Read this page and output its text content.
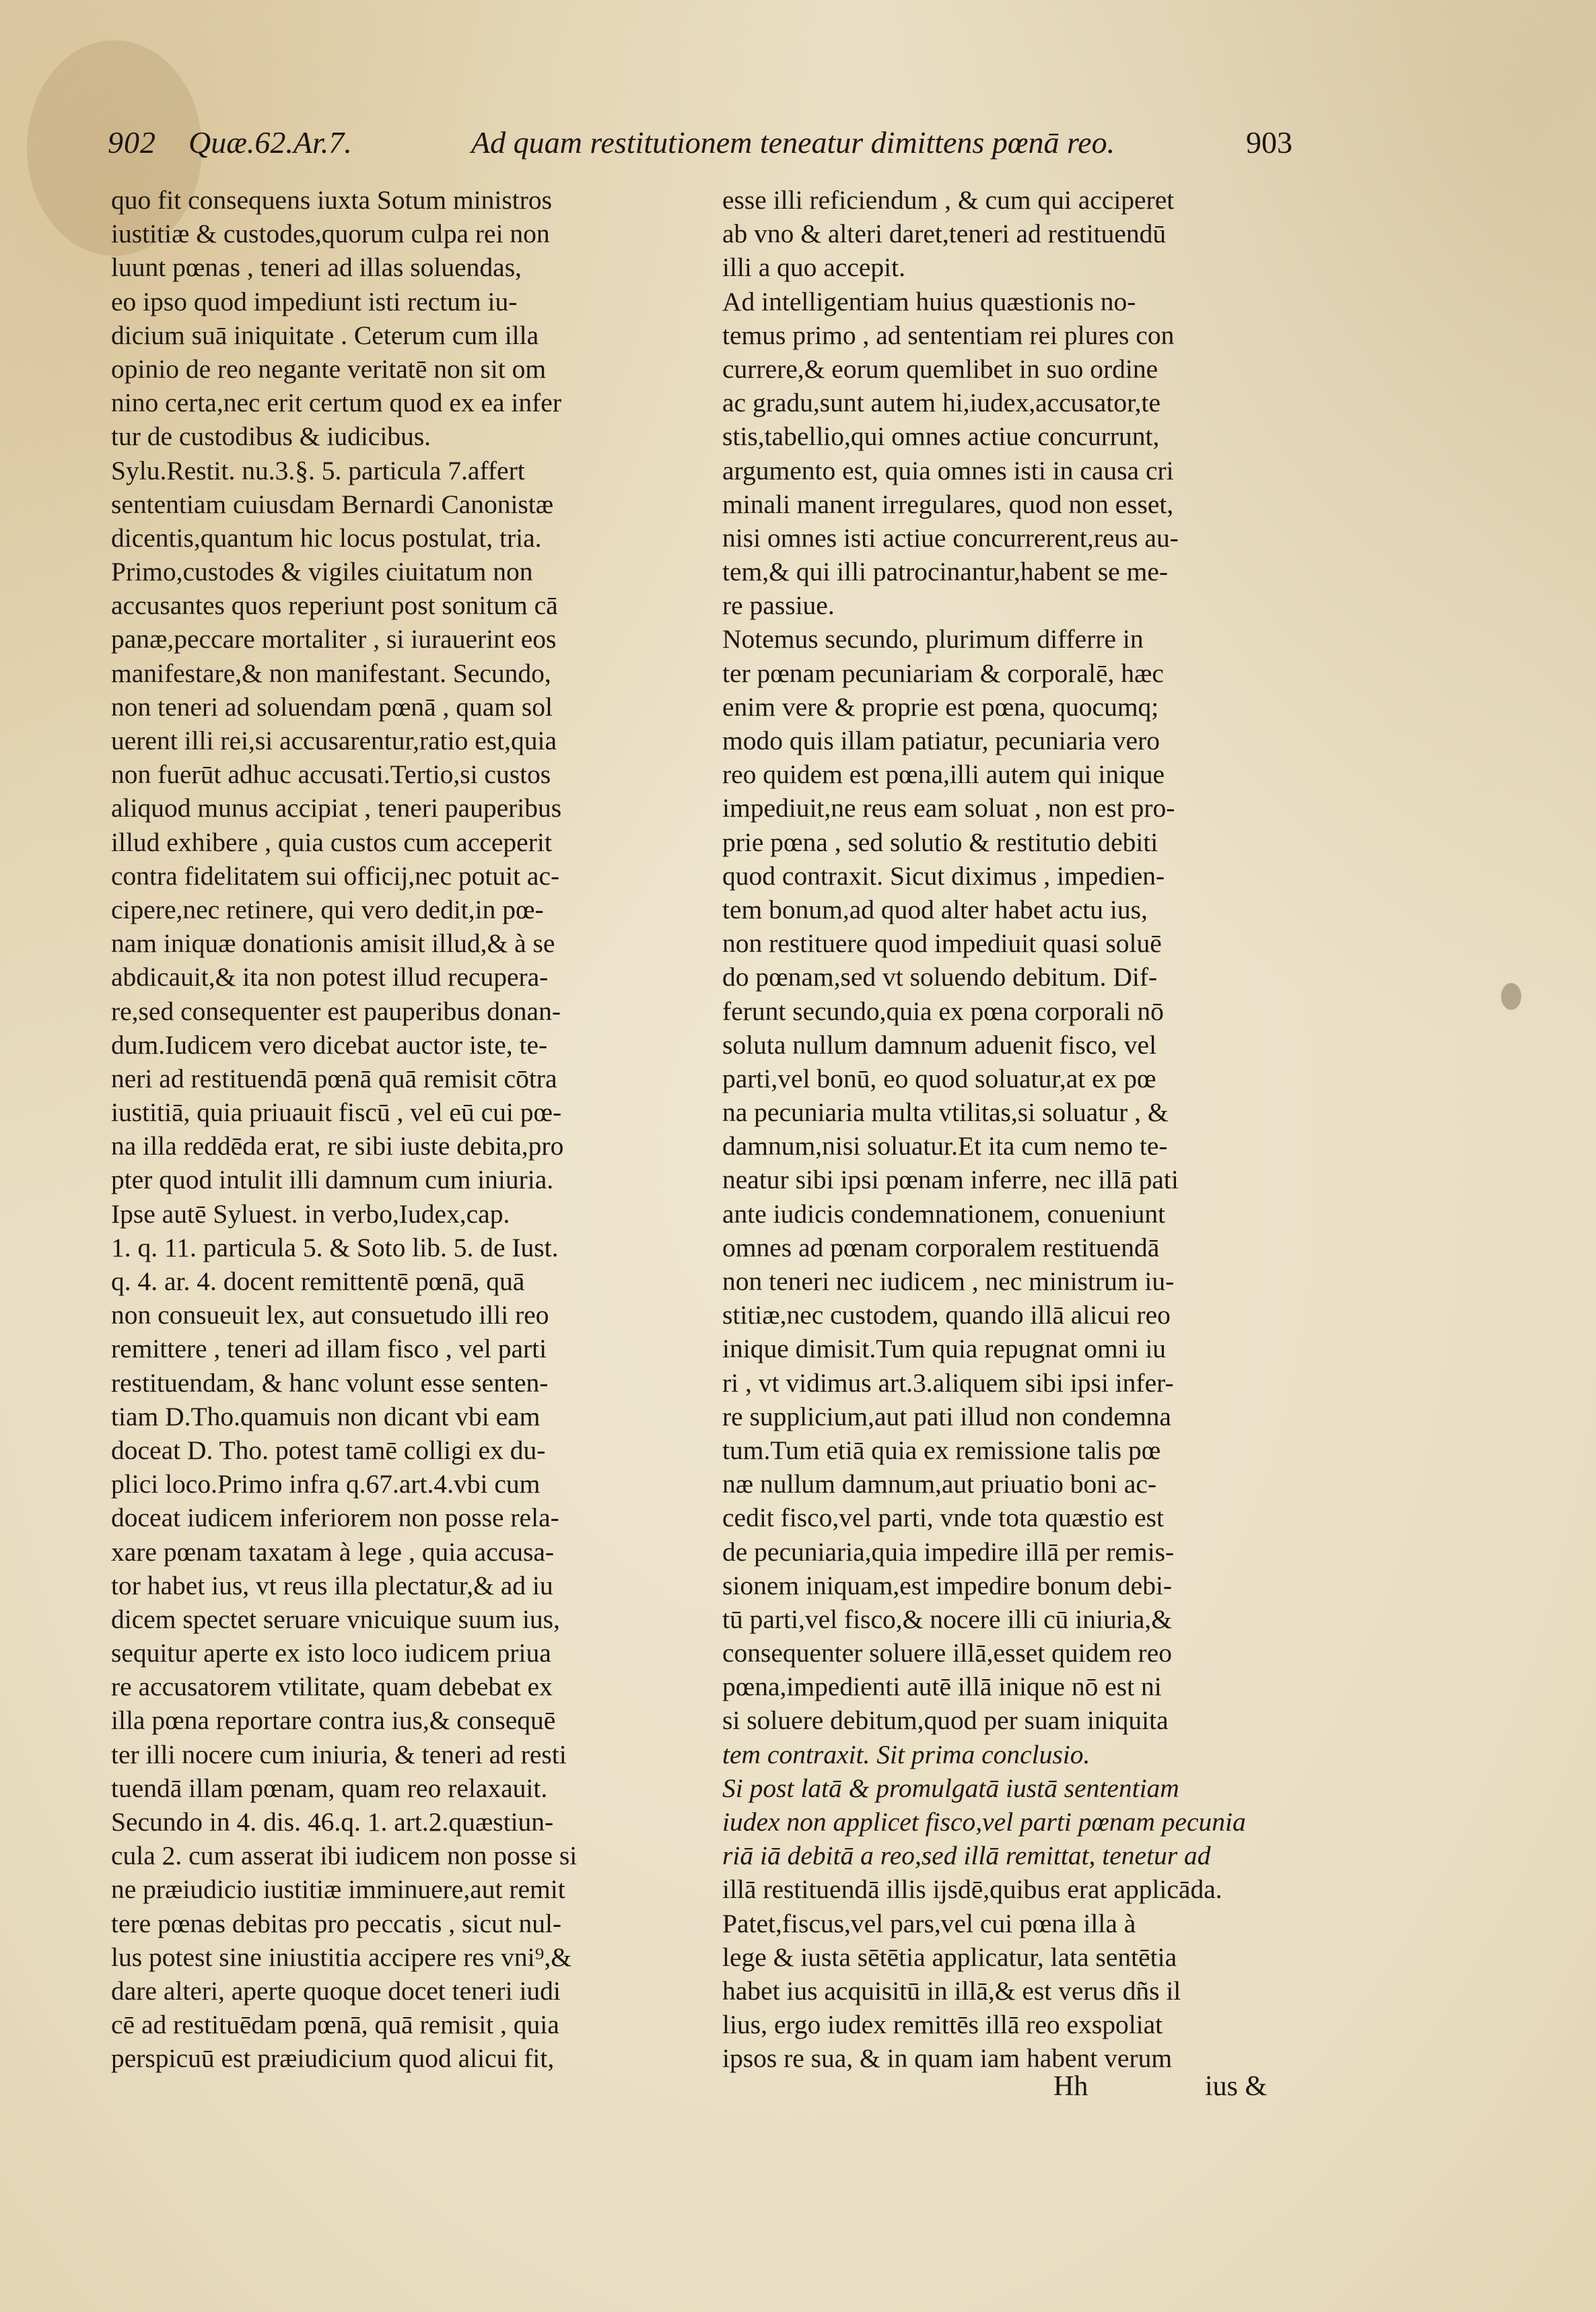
902 Quæ.62.Ar.7.	Ad quam restitutionem teneatur dimittens pœnā reo.	903
quo fit consequens iuxta Sotum ministros
iustitiæ & custodes,quorum culpa rei non
luunt pœnas , teneri ad illas soluendas,
eo ipso quod impediunt isti rectum iu-
dicium suā iniquitate . Ceterum cum illa
opinio de reo negante veritatē non sit om
nino certa,nec erit certum quod ex ea infer
tur de custodibus & iudicibus.
Sylu.Restit. nu.3.§. 5. particula 7.affert
sententiam cuiusdam Bernardi Canonistæ
dicentis,quantum hic locus postulat, tria.
Primo,custodes & vigiles ciuitatum non
accusantes quos reperiunt post sonitum cā
panæ,peccare mortaliter , si iurauerint eos
manifestare,& non manifestant. Secundo,
non teneri ad soluendam pœnā , quam sol
uerent illi rei,si accusarentur,ratio est,quia
non fuerūt adhuc accusati.Tertio,si custos
aliquod munus accipiat , teneri pauperibus
illud exhibere , quia custos cum acceperit
contra fidelitatem sui officij,nec potuit ac-
cipere,nec retinere, qui vero dedit,in pœ-
nam iniquæ donationis amisit illud,& à se
abdicauit,& ita non potest illud recupera-
re,sed consequenter est pauperibus donan-
dum.Iudicem vero dicebat auctor iste, te-
neri ad restituendā pœnā quā remisit cōtra
iustitiā, quia priuauit fiscū , vel eū cui pœ-
na illa reddēda erat, re sibi iuste debita,pro
pter quod intulit illi damnum cum iniuria.
Ipse autē Syluest. in verbo,Iudex,cap.
1. q. 11. particula 5. & Soto lib. 5. de Iust.
q. 4. ar. 4. docent remittentē pœnā, quā
non consueuit lex, aut consuetudo illi reo
remittere , teneri ad illam fisco , vel parti
restituendam, & hanc volunt esse senten-
tiam D.Tho.quamuis non dicant vbi eam
doceat D. Tho. potest tamē colligi ex du-
plici loco.Primo infra q.67.art.4.vbi cum
doceat iudicem inferiorem non posse rela-
xare pœnam taxatam à lege , quia accusa-
tor habet ius, vt reus illa plectatur,& ad iu
dicem spectet seruare vnicuique suum ius,
sequitur aperte ex isto loco iudicem priua
re accusatorem vtilitate, quam debebat ex
illa pœna reportare contra ius,& consequē
ter illi nocere cum iniuria, & teneri ad resti
tuendā illam pœnam, quam reo relaxauit.
Secundo in 4. dis. 46.q. 1. art.2.quæstiun-
cula 2. cum asserat ibi iudicem non posse si
ne præiudicio iustitiæ imminuere,aut remit
tere pœnas debitas pro peccatis , sicut nul-
lus potest sine iniustitia accipere res vni⁹,&
dare alteri, aperte quoque docet teneri iudi
cē ad restituēdam pœnā, quā remisit , quia
perspicuū est præiudicium quod alicui fit,
esse illi reficiendum , & cum qui acciperet
ab vno & alteri daret,teneri ad restituendū
illi a quo accepit.
Ad intelligentiam huius quæstionis no-
temus primo , ad sententiam rei plures con
currere,& eorum quemlibet in suo ordine
ac gradu,sunt autem hi,iudex,accusator,te
stis,tabellio,qui omnes actiue concurrunt,
argumento est, quia omnes isti in causa cri
minali manent irregulares, quod non esset,
nisi omnes isti actiue concurrerent,reus au-
tem,& qui illi patrocinantur,habent se me-
re passiue.
Notemus secundo, plurimum differre in
ter pœnam pecuniariam & corporalē, hæc
enim vere & proprie est pœna, quocumq;
modo quis illam patiatur, pecuniaria vero
reo quidem est pœna,illi autem qui inique
impediuit,ne reus eam soluat , non est pro-
prie pœna , sed solutio & restitutio debiti
quod contraxit. Sicut diximus , impedien-
tem bonum,ad quod alter habet actu ius,
non restituere quod impediuit quasi soluē
do pœnam,sed vt soluendo debitum. Dif-
ferunt secundo,quia ex pœna corporali nō
soluta nullum damnum aduenit fisco, vel
parti,vel bonū, eo quod soluatur,at ex pœ
na pecuniaria multa vtilitas,si soluatur , &
damnum,nisi soluatur.Et ita cum nemo te-
neatur sibi ipsi pœnam inferre, nec illā pati
ante iudicis condemnationem, conueniunt
omnes ad pœnam corporalem restituendā
non teneri nec iudicem , nec ministrum iu-
stitiæ,nec custodem, quando illā alicui reo
inique dimisit.Tum quia repugnat omni iu
ri , vt vidimus art.3.aliquem sibi ipsi infer-
re supplicium,aut pati illud non condemna
tum.Tum etiā quia ex remissione talis pœ
næ nullum damnum,aut priuatio boni ac-
cedit fisco,vel parti, vnde tota quæstio est
de pecuniaria,quia impedire illā per remis-
sionem iniquam,est impedire bonum debi-
tū parti,vel fisco,& nocere illi cū iniuria,&
consequenter soluere illā,esset quidem reo
pœna,impedienti autē illā inique nō est ni
si soluere debitum,quod per suam iniquita
tem contraxit. Sit prima conclusio.
Si post latā & promulgatā iustā sententiam
iudex non applicet fisco,vel parti pœnam pecunia
riā iā debitā a reo,sed illā remittat, tenetur ad
illā restituendā illis ijsdē,quibus erat applicāda.
Patet,fiscus,vel pars,vel cui pœna illa à
lege & iusta sētētia applicatur, lata sentētia
habet ius acquisitū in illā,& est verus dñs il
lius, ergo iudex remittēs illā reo exspoliat
ipsos re sua, & in quam iam habent verum
Hh	ius &
